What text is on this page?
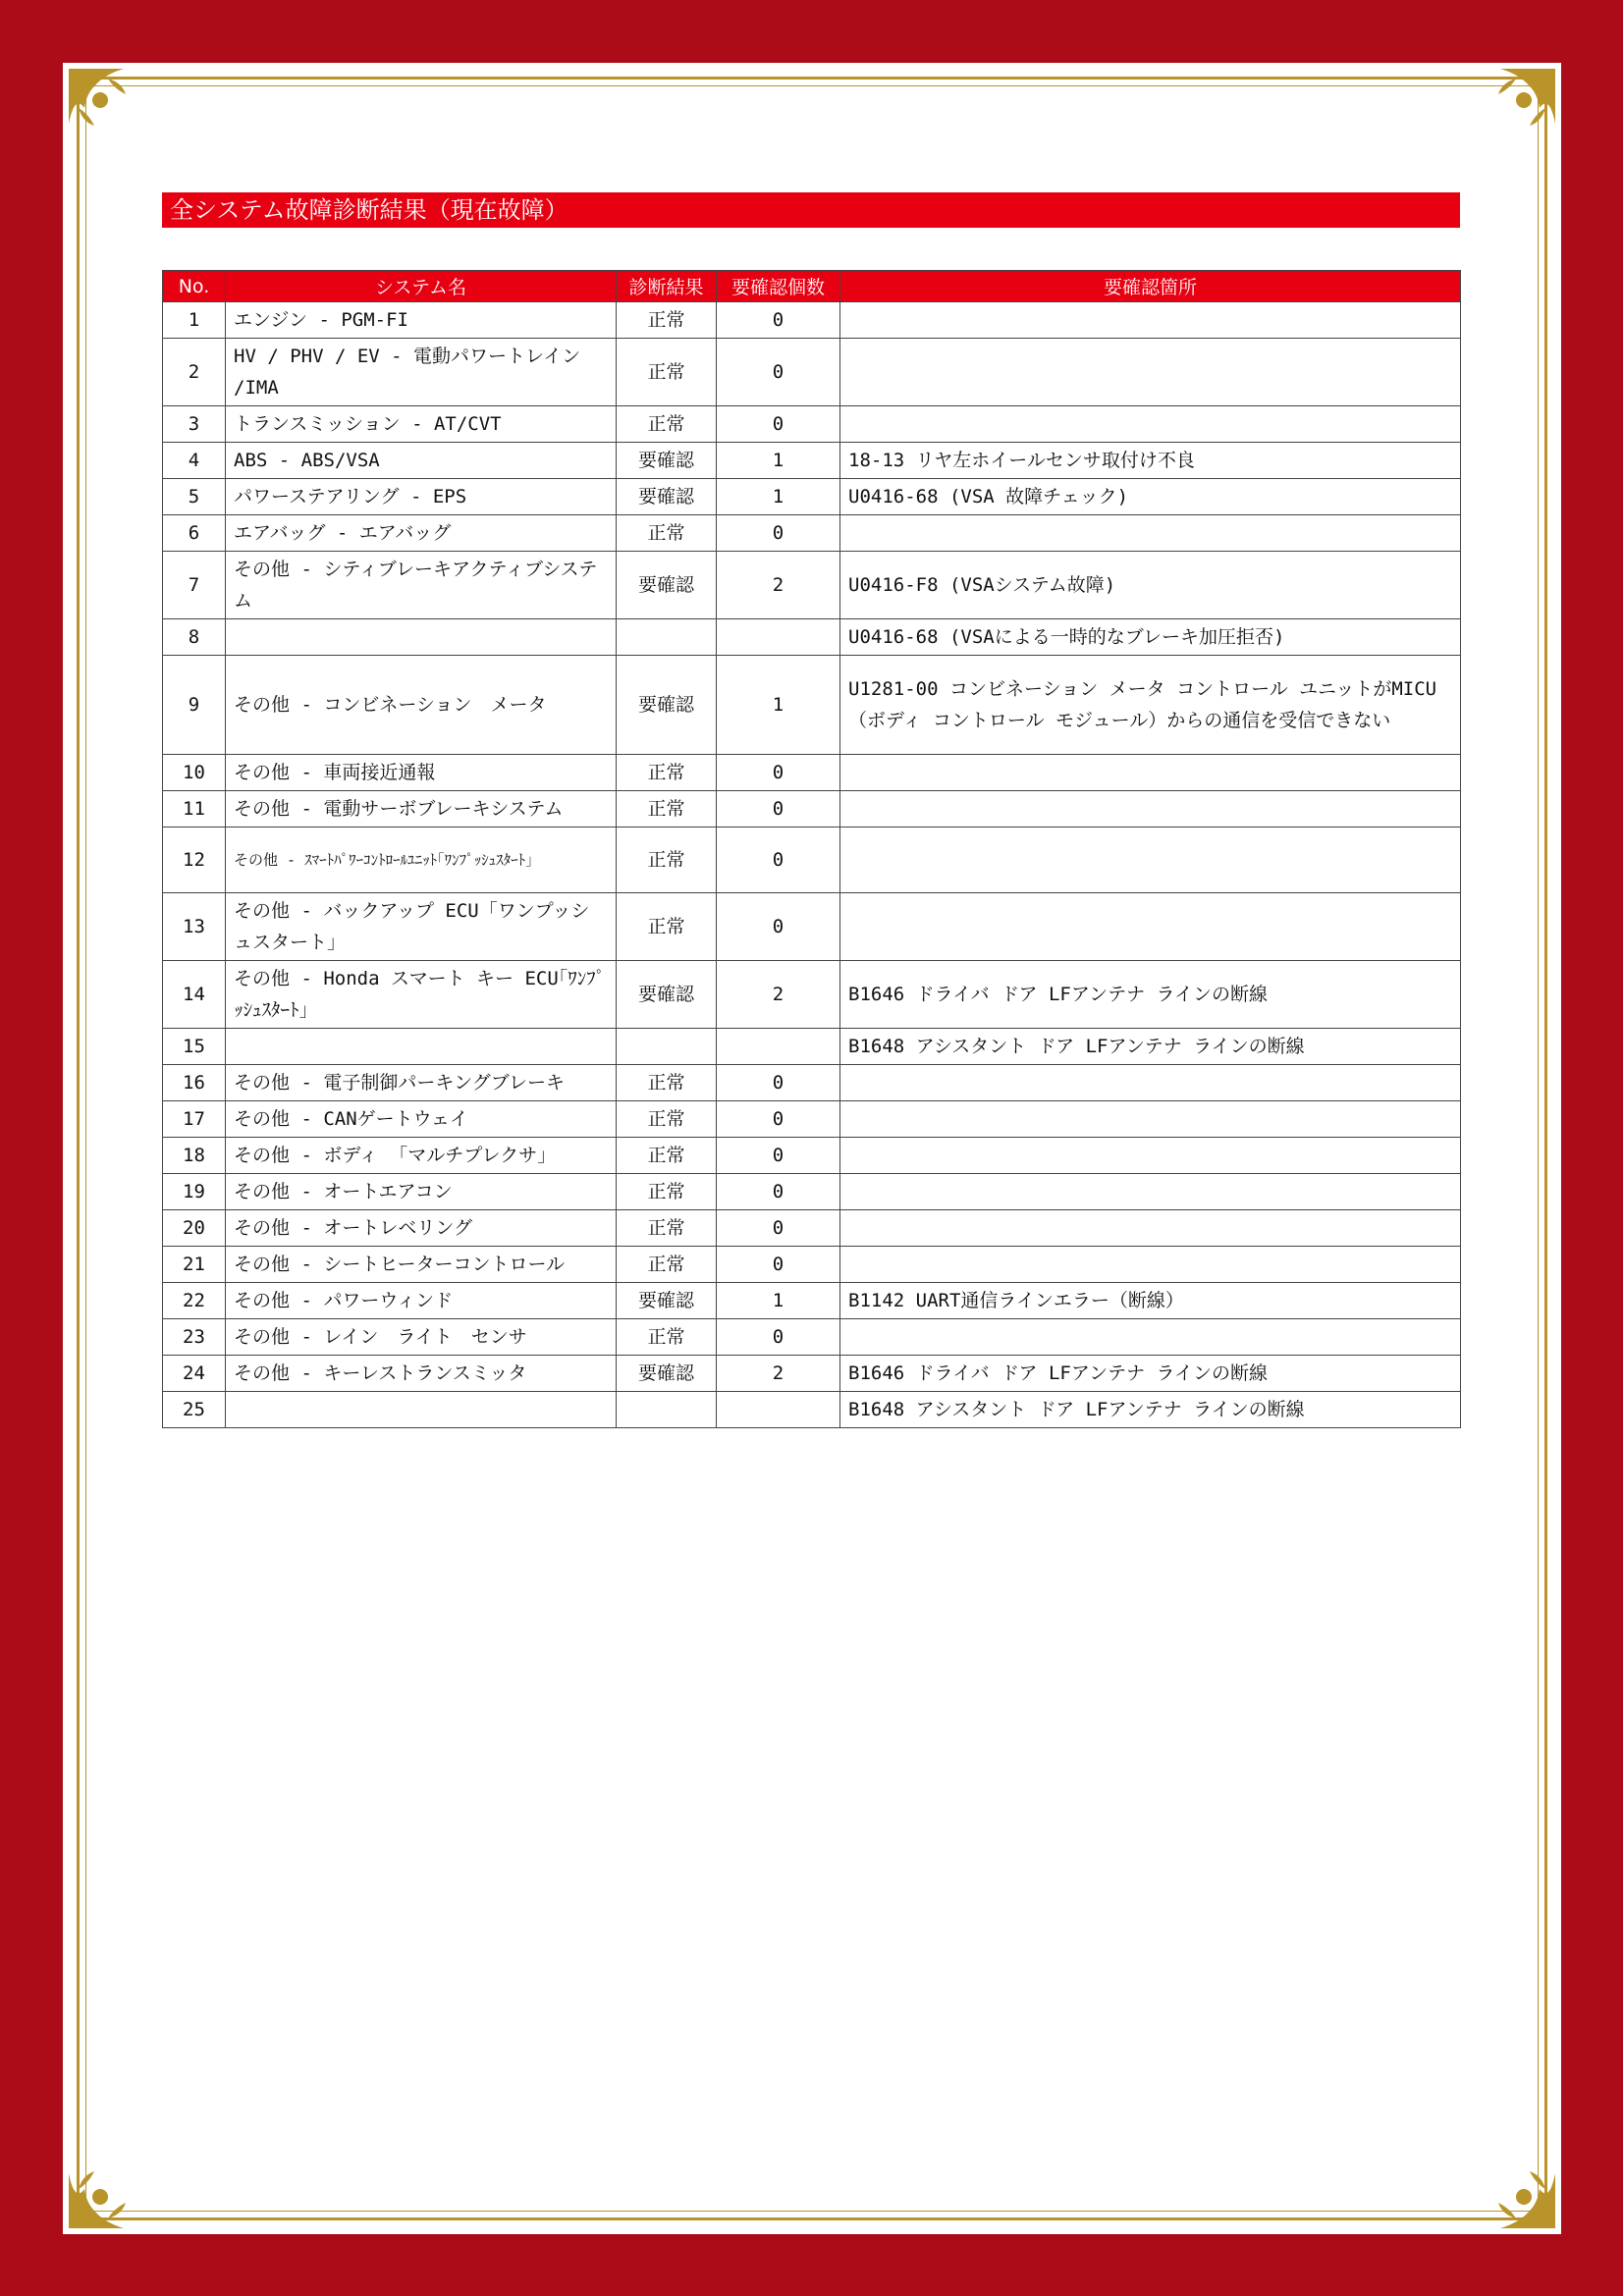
全システム故障診断結果（現在故障）
No.	システム名	診断結果	要確認個数	要確認箇所
1	エンジン - PGM-FI	正常	0	
2	HV / PHV / EV - 電動パワートレイン /IMA	正常	0	
3	トランスミッション - AT/CVT	正常	0	
4	ABS - ABS/VSA	要確認	1	18-13 リヤ左ホイールセンサ取付け不良
5	パワーステアリング - EPS	要確認	1	U0416-68 (VSA 故障チェック)
6	エアバッグ - エアバッグ	正常	0	
7	その他 - シティブレーキアクティブシステム	要確認	2	U0416-F8 (VSAシステム故障)
8				U0416-68 (VSAによる一時的なブレーキ加圧拒否)
9	その他 - コンビネーション　メータ	要確認	1	U1281-00 コンビネーション メータ コントロール ユニットがMICU（ボディ コントロール モジュール）からの通信を受信できない
10	その他 - 車両接近通報	正常	0	
11	その他 - 電動サーボブレーキシステム	正常	0	
12	その他 - ｽﾏｰﾄﾊﾟﾜｰｺﾝﾄﾛｰﾙﾕﾆｯﾄ｢ﾜﾝﾌﾟｯｼｭｽﾀｰﾄ｣	正常	0	
13	その他 - バックアップ ECU「ワンプッシュスタート」	正常	0	
14	その他 - Honda スマート キー ECU｢ﾜﾝﾌﾟｯｼｭｽﾀｰﾄ｣	要確認	2	B1646 ドライバ ドア LFアンテナ ラインの断線
15				B1648 アシスタント ドア LFアンテナ ラインの断線
16	その他 - 電子制御パーキングブレーキ	正常	0	
17	その他 - CANゲートウェイ	正常	0	
18	その他 - ボディ 「マルチプレクサ」	正常	0	
19	その他 - オートエアコン	正常	0	
20	その他 - オートレベリング	正常	0	
21	その他 - シートヒーターコントロール	正常	0	
22	その他 - パワーウィンド	要確認	1	B1142 UART通信ラインエラー（断線）
23	その他 - レイン　ライト　センサ	正常	0	
24	その他 - キーレストランスミッタ	要確認	2	B1646 ドライバ ドア LFアンテナ ラインの断線
25				B1648 アシスタント ドア LFアンテナ ラインの断線
